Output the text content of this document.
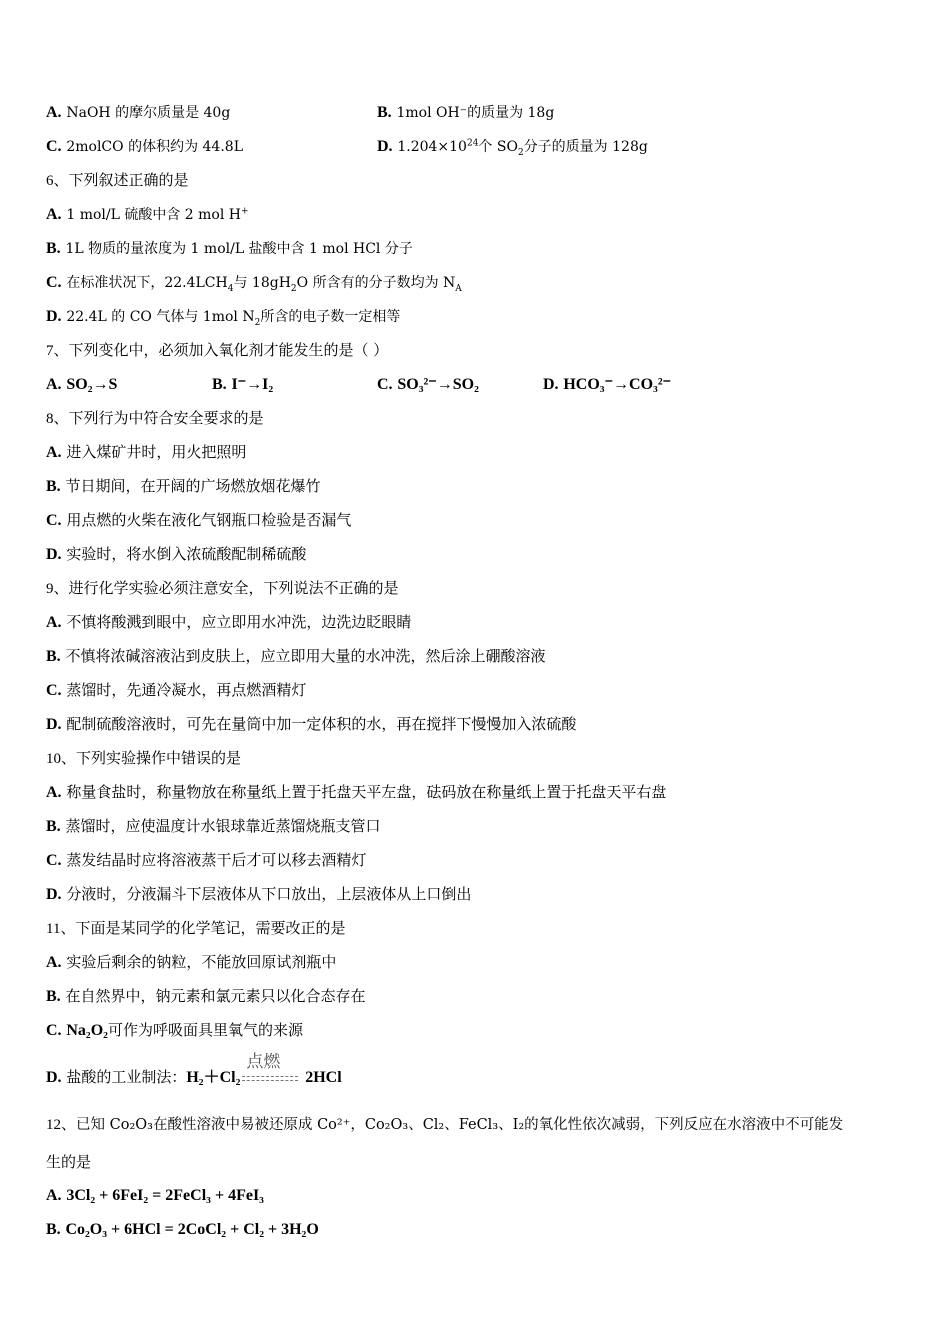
A. NaOH 的摩尔质量是 40g	B. 1mol OH⁻的质量为 18g
C. 2molCO 的体积约为 44.8L	D. $1.204\times 10^{24}$个 $SO_2$分子的质量为 128g
6、下列叙述正确的是
A. 1 mol/L 硫酸中含 2 mol H+
B. 1L 物质的量浓度为 1 mol/L 盐酸中含 1 mol HCl 分子
C. 在标准状况下，$22.4LCH_4$与 $18gH_2O$ 所含有的分子数均为 $N_A$
D. 22.4L 的 CO 气体与 1mol $N_2$所含的电子数一定相等
7、下列变化中，必须加入氧化剂才能发生的是（ ）
A. SO₂→S	B. I⁻→I₂	C. SO₃²⁻→SO₂	D. HCO₃⁻→CO₃²⁻
8、下列行为中符合安全要求的是
A. 进入煤矿井时，用火把照明
B. 节日期间，在开阔的广场燃放烟花爆竹
C. 用点燃的火柴在液化气钢瓶口检验是否漏气
D. 实验时，将水倒入浓硫酸配制稀硫酸
9、进行化学实验必须注意安全，下列说法不正确的是
A. 不慎将酸溅到眼中，应立即用水冲洗，边洗边眨眼睛
B. 不慎将浓碱溶液沾到皮肤上，应立即用大量的水冲洗，然后涂上硼酸溶液
C. 蒸馏时，先通冷凝水，再点燃酒精灯
D. 配制硫酸溶液时，可先在量筒中加一定体积的水，再在搅拌下慢慢加入浓硫酸
10、下列实验操作中错误的是
A. 称量食盐时，称量物放在称量纸上置于托盘天平左盘，砝码放在称量纸上置于托盘天平右盘
B. 蒸馏时，应使温度计水银球靠近蒸馏烧瓶支管口
C. 蒸发结晶时应将溶液蒸干后才可以移去酒精灯
D. 分液时，分液漏斗下层液体从下口放出，上层液体从上口倒出
11、下面是某同学的化学笔记，需要改正的是
A. 实验后剩余的钠粒，不能放回原试剂瓶中
B. 在自然界中，钠元素和氯元素只以化合态存在
C. Na₂O₂可作为呼吸面具里氧气的来源
D. 盐酸的工业制法：H₂＋Cl₂
点燃
2HCl
12、已知 Co₂O₃在酸性溶液中易被还原成 Co²⁺，Co₂O₃、Cl₂、FeCl₃、I₂的氧化性依次减弱，下列反应在水溶液中不可能发
生的是
A. 3Cl₂ + 6FeI₂ = 2FeCl₃ + 4FeI₃
B. Co₂O₃ + 6HCl = 2CoCl₂ + Cl₂ + 3H₂O
